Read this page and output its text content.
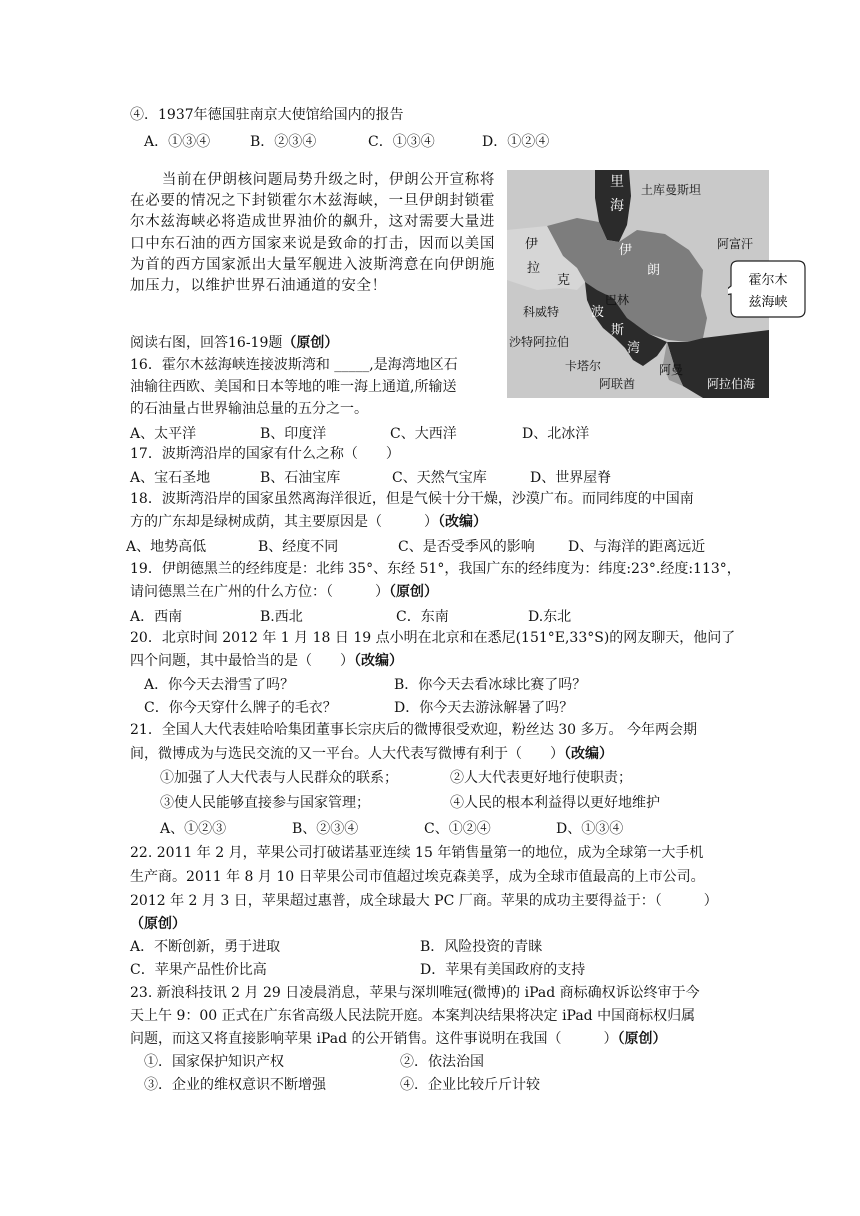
④．1937年德国驻南京大使馆给国内的报告
A．①③④	B．②③④	C．①③④	D．①②④

当前在伊朗核问题局势升级之时，伊朗公开宣称将在必要的情况之下封锁霍尔木兹海峡，一旦伊朗封锁霍尔木兹海峡必将造成世界油价的飙升，这对需要大量进口中东石油的西方国家来说是致命的打击，因而以美国为首的西方国家派出大量军舰进入波斯湾意在向伊朗施加压力，以维护世界石油通道的安全！

阅读右图，回答16-19题（原创）
里
海
土库曼斯坦
阿富汗
伊
拉
克
伊
朗
巴林
科威特 波
斯
湾
沙特阿拉伯
卡塔尔
阿联酋
阿曼
阿拉伯海
霍尔木
兹海峡
16．霍尔木兹海峡连接波斯湾和 _____,是海湾地区石
油输往西欧、美国和日本等地的唯一海上通道,所输送
的石油量占世界输油总量的五分之一。
A、太平洋	B、印度洋	C、大西洋	D、北冰洋
17．波斯湾沿岸的国家有什么之称（　　）
A、宝石圣地	B、石油宝库	C、天然气宝库	D、世界屋脊
18．波斯湾沿岸的国家虽然离海洋很近，但是气候十分干燥，沙漠广布。而同纬度的中国南
方的广东却是绿树成荫，其主要原因是（　　　）（改编）
A、地势高低	B、经度不同	C、是否受季风的影响	D、与海洋的距离远近
19．伊朗德黑兰的经纬度是：北纬 35°、东经 51°，我国广东的经纬度为：纬度:23°.经度:113°，
请问德黑兰在广州的什么方位：（　　　）（原创）
A．西南	B.西北	C．东南	D.东北
20．北京时间 2012 年 1 月 18 日 19 点小明在北京和在悉尼(151°E,33°S)的网友聊天，他问了
四个问题，其中最恰当的是（　　）（改编）
A．你今天去滑雪了吗？	B．你今天去看冰球比赛了吗？
C．你今天穿什么牌子的毛衣？	D．你今天去游泳解暑了吗？
21．全国人大代表娃哈哈集团董事长宗庆后的微博很受欢迎，粉丝达 30 多万。 今年两会期
间，微博成为与选民交流的又一平台。人大代表写微博有利于（　　）（改编）
①加强了人大代表与人民群众的联系；	②人大代表更好地行使职责；
③使人民能够直接参与国家管理；	④人民的根本利益得以更好地维护
A、①②③	B、②③④	C、①②④	D、①③④
22. 2011 年 2 月，苹果公司打破诺基亚连续 15 年销售量第一的地位，成为全球第一大手机
生产商。2011 年 8 月 10 日苹果公司市值超过埃克森美孚，成为全球市值最高的上市公司。
2012 年 2 月 3 日，苹果超过惠普，成全球最大 PC 厂商。苹果的成功主要得益于：（　　　）
（原创）
A．不断创新，勇于进取	B．风险投资的青睐
C．苹果产品性价比高	D．苹果有美国政府的支持
23. 新浪科技讯 2 月 29 日凌晨消息，苹果与深圳唯冠(微博)的 iPad 商标确权诉讼终审于今
天上午 9：00 正式在广东省高级人民法院开庭。本案判决结果将决定 iPad 中国商标权归属
问题，而这又将直接影响苹果 iPad 的公开销售。这件事说明在我国（　　　）（原创）
①．国家保护知识产权	②．依法治国
③．企业的维权意识不断增强	④．企业比较斤斤计较
